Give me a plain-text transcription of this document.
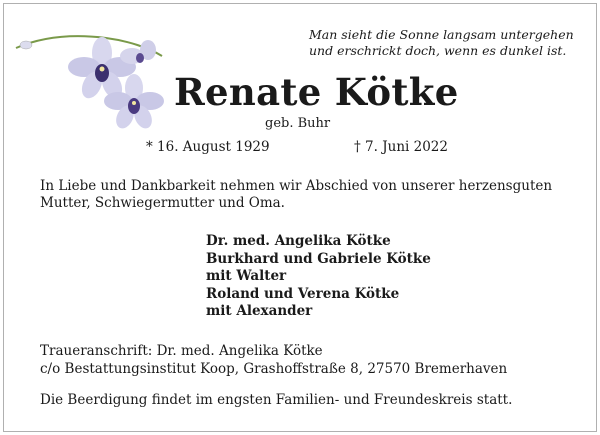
Man sieht die Sonne langsam untergehen
und erschrickt doch, wenn es dunkel ist.
Renate Kötke
geb. Buhr
* 16. August 1929	† 7. Juni 2022
In Liebe und Dankbarkeit nehmen wir Abschied von unserer herzensguten Mutter, Schwiegermutter und Oma.
Dr. med. Angelika Kötke
Burkhard und Gabriele Kötke
mit Walter
Roland und Verena Kötke
mit Alexander
Traueranschrift: Dr. med. Angelika Kötke
c/o Bestattungsinstitut Koop, Grashoffstraße 8, 27570 Bremerhaven
Die Beerdigung findet im engsten Familien- und Freundeskreis statt.
